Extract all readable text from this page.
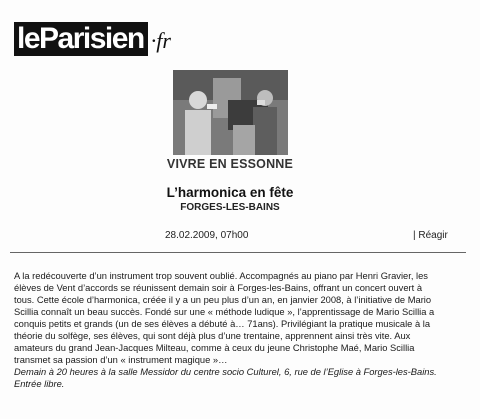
leParisien ·fr
VIVRE EN ESSONNE
L’harmonica en fête
FORGES-LES-BAINS
28.02.2009, 07h00	| Réagir

A la redécouverte d’un instrument trop souvent oublié. Accompagnés au piano par Henri Gravier, les
élèves de Vent d’accords se réunissent demain soir à Forges-les-Bains, offrant un concert ouvert à
tous. Cette école d’harmonica, créée il y a un peu plus d’un an, en janvier 2008, à l’initiative de Mario
Scillia connaît un beau succès. Fondé sur une « méthode ludique », l’apprentissage de Mario Scillia a
conquis petits et grands (un de ses élèves a débuté à… 71ans). Privilégiant la pratique musicale à la
théorie du solfège, ses élèves, qui sont déjà plus d’une trentaine, apprennent ainsi très vite. Aux
amateurs du grand Jean-Jacques Milteau, comme à ceux du jeune Christophe Maé, Mario Scillia
transmet sa passion d’un « instrument magique »…

Demain à 20 heures à la salle Messidor du centre socio Culturel, 6, rue de l’Eglise à Forges-les-Bains.
Entrée libre.
